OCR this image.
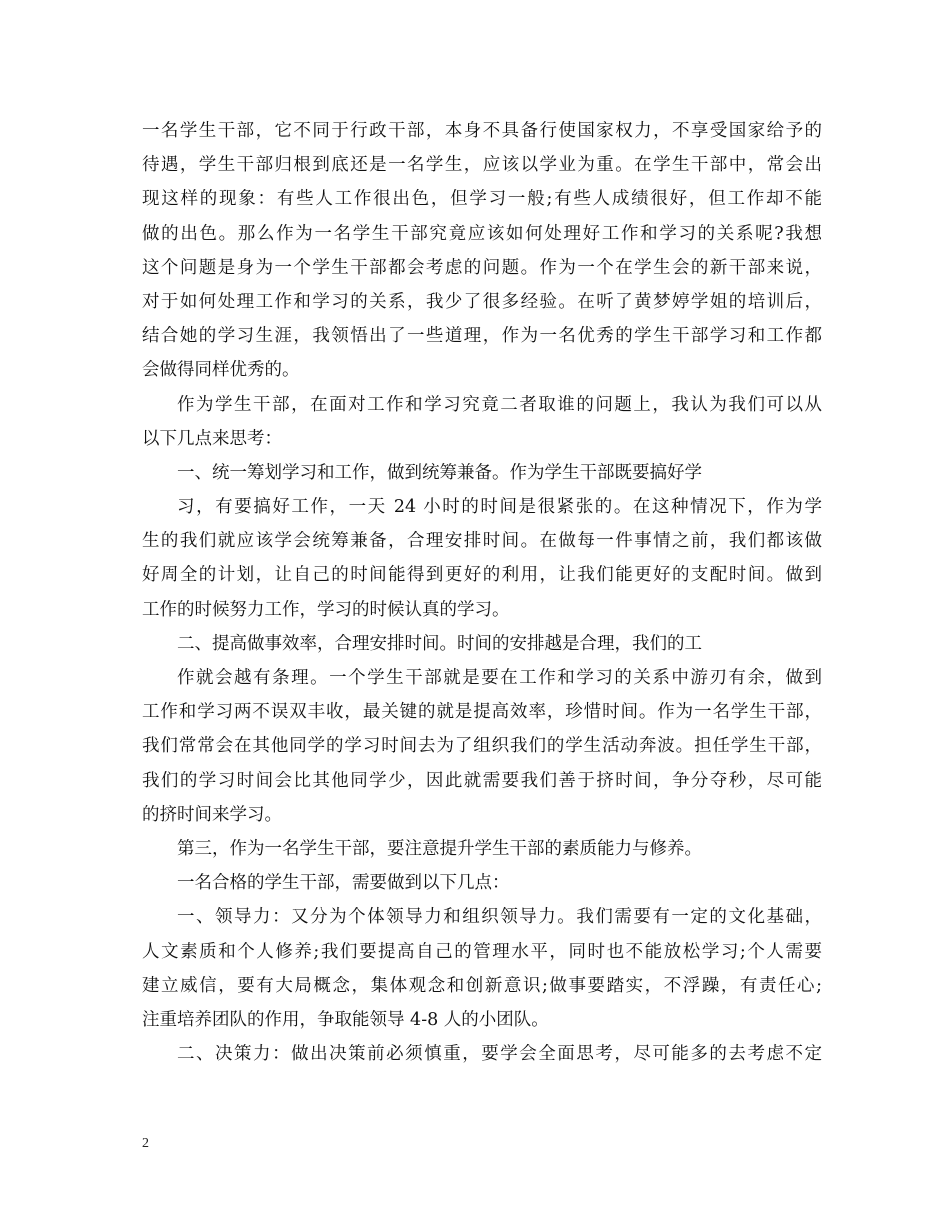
一名学生干部，它不同于行政干部，本身不具备行使国家权力，不享受国家给予的
待遇，学生干部归根到底还是一名学生，应该以学业为重。在学生干部中，常会出
现这样的现象：有些人工作很出色，但学习一般;有些人成绩很好，但工作却不能
做的出色。那么作为一名学生干部究竟应该如何处理好工作和学习的关系呢?我想
这个问题是身为一个学生干部都会考虑的问题。作为一个在学生会的新干部来说，
对于如何处理工作和学习的关系，我少了很多经验。在听了黄梦婷学姐的培训后，
结合她的学习生涯，我领悟出了一些道理，作为一名优秀的学生干部学习和工作都
会做得同样优秀的。
作为学生干部，在面对工作和学习究竟二者取谁的问题上，我认为我们可以从
以下几点来思考：
一、统一筹划学习和工作，做到统筹兼备。作为学生干部既要搞好学
习，有要搞好工作，一天 24 小时的时间是很紧张的。在这种情况下，作为学
生的我们就应该学会统筹兼备，合理安排时间。在做每一件事情之前，我们都该做
好周全的计划，让自己的时间能得到更好的利用，让我们能更好的支配时间。做到
工作的时候努力工作，学习的时候认真的学习。
二、提高做事效率，合理安排时间。时间的安排越是合理，我们的工
作就会越有条理。一个学生干部就是要在工作和学习的关系中游刃有余，做到
工作和学习两不误双丰收，最关键的就是提高效率，珍惜时间。作为一名学生干部，
我们常常会在其他同学的学习时间去为了组织我们的学生活动奔波。担任学生干部，
我们的学习时间会比其他同学少，因此就需要我们善于挤时间，争分夺秒，尽可能
的挤时间来学习。
第三，作为一名学生干部，要注意提升学生干部的素质能力与修养。
一名合格的学生干部，需要做到以下几点：
一、领导力：又分为个体领导力和组织领导力。我们需要有一定的文化基础，
人文素质和个人修养;我们要提高自己的管理水平，同时也不能放松学习;个人需要
建立威信，要有大局概念，集体观念和创新意识;做事要踏实，不浮躁，有责任心;
注重培养团队的作用，争取能领导 4-8 人的小团队。
二、决策力：做出决策前必须慎重，要学会全面思考，尽可能多的去考虑不定
2
